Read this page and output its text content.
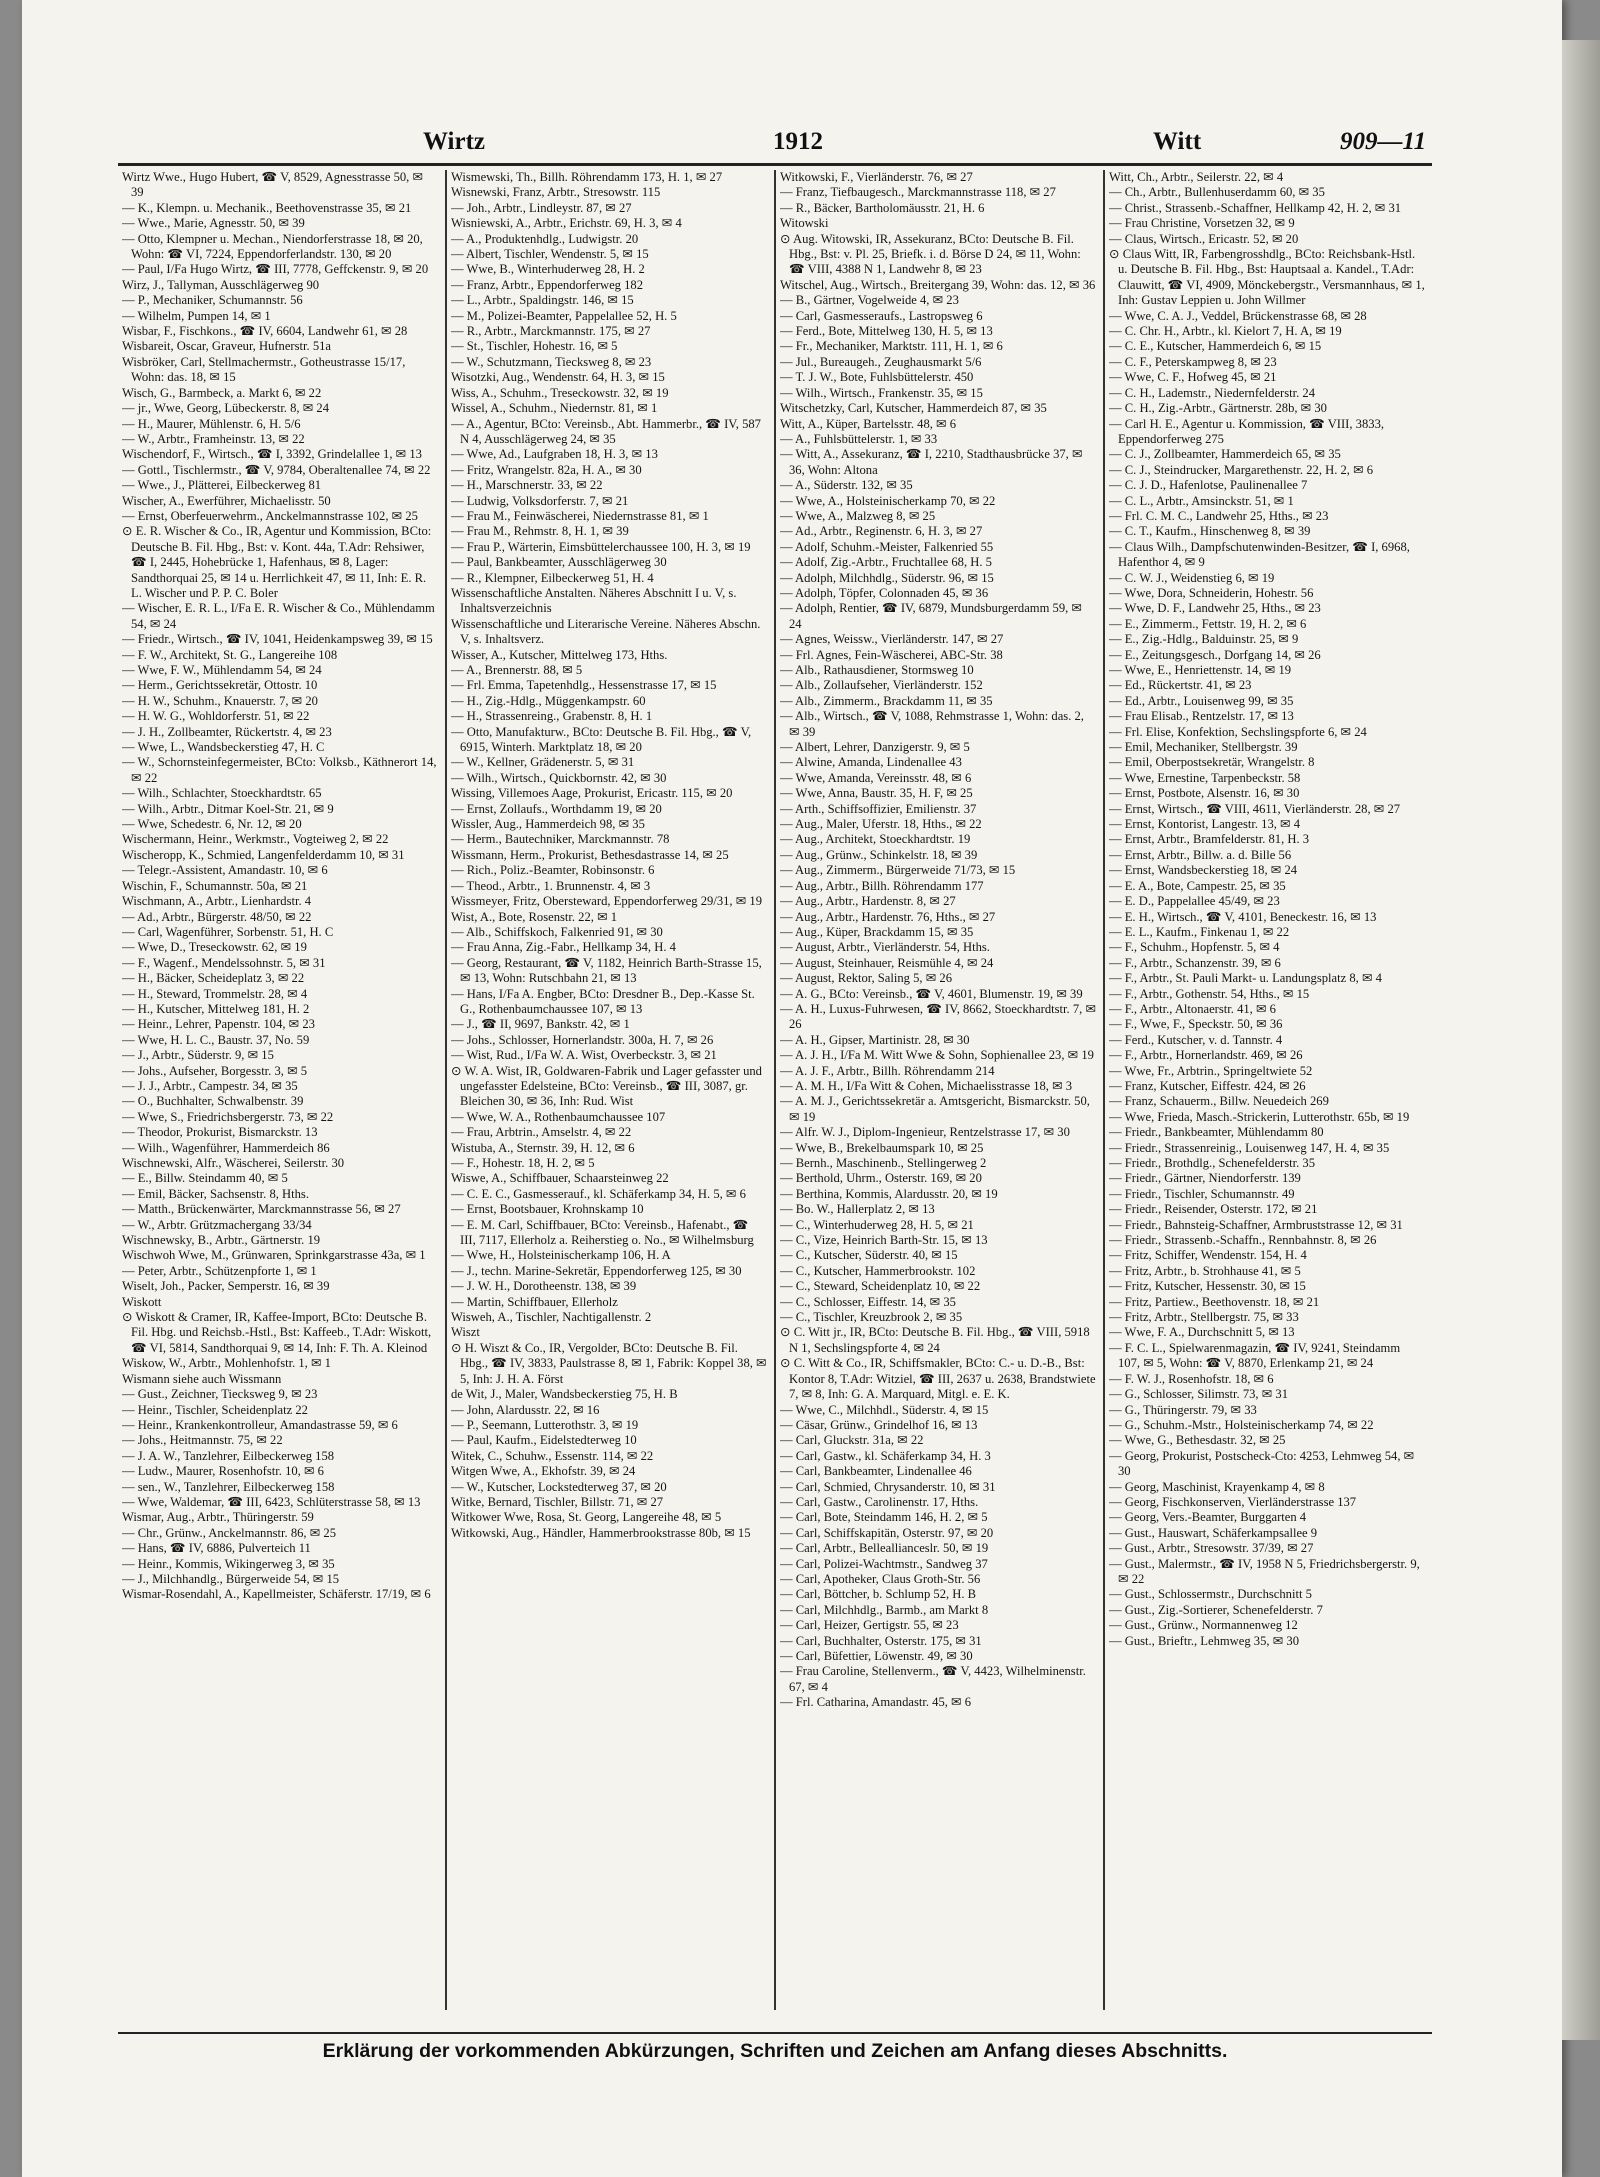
Wirtz	1912	Witt	909—11

Wirtz Wwe., Hugo Hubert, ☎ V, 8529, Agnesstrasse 50, ✉ 39

— K., Klempn. u. Mechanik., Beethovenstrasse 35, ✉ 21

— Wwe., Marie, Agnesstr. 50, ✉ 39

— Otto, Klempner u. Mechan., Niendorferstrasse 18, ✉ 20, Wohn: ☎ VI, 7224, Eppendorferlandstr. 130, ✉ 20

— Paul, I/Fa Hugo Wirtz, ☎ III, 7778, Geffckenstr. 9, ✉ 20

Wirz, J., Tallyman, Ausschlägerweg 90

— P., Mechaniker, Schumannstr. 56

— Wilhelm, Pumpen 14, ✉ 1

Wisbar, F., Fischkons., ☎ IV, 6604, Landwehr 61, ✉ 28

Wisbareit, Oscar, Graveur, Hufnerstr. 51a

Wisbröker, Carl, Stellmachermstr., Gotheustrasse 15/17, Wohn: das. 18, ✉ 15

Wisch, G., Barmbeck, a. Markt 6, ✉ 22

— jr., Wwe, Georg, Lübeckerstr. 8, ✉ 24

— H., Maurer, Mühlenstr. 6, H. 5/6

— W., Arbtr., Framheinstr. 13, ✉ 22

Wischendorf, F., Wirtsch., ☎ I, 3392, Grindelallee 1, ✉ 13

— Gottl., Tischlermstr., ☎ V, 9784, Oberaltenallee 74, ✉ 22

— Wwe., J., Plätterei, Eilbeckerweg 81

Wischer, A., Ewerführer, Michaelisstr. 50

— Ernst, Oberfeuerwehrm., Anckelmannstrasse 102, ✉ 25

⊙ E. R. Wischer & Co., IR, Agentur und Kommission, BCto: Deutsche B. Fil. Hbg., Bst: v. Kont. 44a, T.Adr: Rehsiwer, ☎ I, 2445, Hohebrücke 1, Hafenhaus, ✉ 8, Lager: Sandthorquai 25, ✉ 14 u. Herrlichkeit 47, ✉ 11, Inh: E. R. L. Wischer und P. P. C. Boler

— Wischer, E. R. L., I/Fa E. R. Wischer & Co., Mühlendamm 54, ✉ 24

— Friedr., Wirtsch., ☎ IV, 1041, Heidenkampsweg 39, ✉ 15

— F. W., Architekt, St. G., Langereihe 108

— Wwe, F. W., Mühlendamm 54, ✉ 24

— Herm., Gerichtssekretär, Ottostr. 10

— H. W., Schuhm., Knauerstr. 7, ✉ 20

— H. W. G., Wohldorferstr. 51, ✉ 22

— J. H., Zollbeamter, Rückertstr. 4, ✉ 23

— Wwe, L., Wandsbeckerstieg 47, H. C

— W., Schornsteinfegermeister, BCto: Volksb., Käthnerort 14, ✉ 22

— Wilh., Schlachter, Stoeckhardtstr. 65

— Wilh., Arbtr., Ditmar Koel-Str. 21, ✉ 9

— Wwe, Schedestr. 6, Nr. 12, ✉ 20

Wischermann, Heinr., Werkmstr., Vogteiweg 2, ✉ 22

Wischeropp, K., Schmied, Langenfelderdamm 10, ✉ 31

— Telegr.-Assistent, Amandastr. 10, ✉ 6

Wischin, F., Schumannstr. 50a, ✉ 21

Wischmann, A., Arbtr., Lienhardstr. 4

— Ad., Arbtr., Bürgerstr. 48/50, ✉ 22

— Carl, Wagenführer, Sorbenstr. 51, H. C

— Wwe, D., Treseckowstr. 62, ✉ 19

— F., Wagenf., Mendelssohnstr. 5, ✉ 31

— H., Bäcker, Scheideplatz 3, ✉ 22

— H., Steward, Trommelstr. 28, ✉ 4

— H., Kutscher, Mittelweg 181, H. 2

— Heinr., Lehrer, Papenstr. 104, ✉ 23

— Wwe, H. L. C., Baustr. 37, No. 59

— J., Arbtr., Süderstr. 9, ✉ 15

— Johs., Aufseher, Borgesstr. 3, ✉ 5

— J. J., Arbtr., Campestr. 34, ✉ 35

— O., Buchhalter, Schwalbenstr. 39

— Wwe, S., Friedrichsbergerstr. 73, ✉ 22

— Theodor, Prokurist, Bismarckstr. 13

— Wilh., Wagenführer, Hammerdeich 86

Wischnewski, Alfr., Wäscherei, Seilerstr. 30

— E., Billw. Steindamm 40, ✉ 5

— Emil, Bäcker, Sachsenstr. 8, Hths.

— Matth., Brückenwärter, Marckmannstrasse 56, ✉ 27

— W., Arbtr. Grützmachergang 33/34

Wischnewsky, B., Arbtr., Gärtnerstr. 19

Wischwoh Wwe, M., Grünwaren, Sprinkgarstrasse 43a, ✉ 1

— Peter, Arbtr., Schützenpforte 1, ✉ 1

Wiselt, Joh., Packer, Semperstr. 16, ✉ 39

Wiskott

⊙ Wiskott & Cramer, IR, Kaffee-Import, BCto: Deutsche B. Fil. Hbg. und Reichsb.-Hstl., Bst: Kaffeeb., T.Adr: Wiskott, ☎ VI, 5814, Sandthorquai 9, ✉ 14, Inh: F. Th. A. Kleinod

Wiskow, W., Arbtr., Mohlenhofstr. 1, ✉ 1

Wismann siehe auch Wissmann

— Gust., Zeichner, Tiecksweg 9, ✉ 23

— Heinr., Tischler, Scheidenplatz 22

— Heinr., Krankenkontrolleur, Amandastrasse 59, ✉ 6

— Johs., Heitmannstr. 75, ✉ 22

— J. A. W., Tanzlehrer, Eilbeckerweg 158

— Ludw., Maurer, Rosenhofstr. 10, ✉ 6

— sen., W., Tanzlehrer, Eilbeckerweg 158

— Wwe, Waldemar, ☎ III, 6423, Schlüterstrasse 58, ✉ 13

Wismar, Aug., Arbtr., Thüringerstr. 59

— Chr., Grünw., Anckelmannstr. 86, ✉ 25

— Hans, ☎ IV, 6886, Pulverteich 11

— Heinr., Kommis, Wikingerweg 3, ✉ 35

— J., Milchhandlg., Bürgerweide 54, ✉ 15

Wismar-Rosendahl, A., Kapellmeister, Schäferstr. 17/19, ✉ 6

Wismewski, Th., Billh. Röhrendamm 173, H. 1, ✉ 27

Wisnewski, Franz, Arbtr., Stresowstr. 115

— Joh., Arbtr., Lindleystr. 87, ✉ 27

Wisniewski, A., Arbtr., Erichstr. 69, H. 3, ✉ 4

— A., Produktenhdlg., Ludwigstr. 20

— Albert, Tischler, Wendenstr. 5, ✉ 15

— Wwe, B., Winterhuderweg 28, H. 2

— Franz, Arbtr., Eppendorferweg 182

— L., Arbtr., Spaldingstr. 146, ✉ 15

— M., Polizei-Beamter, Pappelallee 52, H. 5

— R., Arbtr., Marckmannstr. 175, ✉ 27

— St., Tischler, Hohestr. 16, ✉ 5

— W., Schutzmann, Tiecksweg 8, ✉ 23

Wisotzki, Aug., Wendenstr. 64, H. 3, ✉ 15

Wiss, A., Schuhm., Treseckowstr. 32, ✉ 19

Wissel, A., Schuhm., Niedernstr. 81, ✉ 1

— A., Agentur, BCto: Vereinsb., Abt. Hammerbr., ☎ IV, 587 N 4, Ausschlägerweg 24, ✉ 35

— Wwe, Ad., Laufgraben 18, H. 3, ✉ 13

— Fritz, Wrangelstr. 82a, H. A., ✉ 30

— H., Marschnerstr. 33, ✉ 22

— Ludwig, Volksdorferstr. 7, ✉ 21

— Frau M., Feinwäscherei, Niedernstrasse 81, ✉ 1

— Frau M., Rehmstr. 8, H. 1, ✉ 39

— Frau P., Wärterin, Eimsbüttelerchaussee 100, H. 3, ✉ 19

— Paul, Bankbeamter, Ausschlägerweg 30

— R., Klempner, Eilbeckerweg 51, H. 4

Wissenschaftliche Anstalten. Näheres Abschnitt I u. V, s. Inhaltsverzeichnis

Wissenschaftliche und Literarische Vereine. Näheres Abschn. V, s. Inhaltsverz.

Wisser, A., Kutscher, Mittelweg 173, Hths.

— A., Brennerstr. 88, ✉ 5

— Frl. Emma, Tapetenhdlg., Hessenstrasse 17, ✉ 15

— H., Zig.-Hdlg., Müggenkampstr. 60

— H., Strassenreing., Grabenstr. 8, H. 1

— Otto, Manufakturw., BCto: Deutsche B. Fil. Hbg., ☎ V, 6915, Winterh. Marktplatz 18, ✉ 20

— W., Kellner, Grädenerstr. 5, ✉ 31

— Wilh., Wirtsch., Quickbornstr. 42, ✉ 30

Wissing, Villemoes Aage, Prokurist, Ericastr. 115, ✉ 20

— Ernst, Zollaufs., Worthdamm 19, ✉ 20

Wissler, Aug., Hammerdeich 98, ✉ 35

— Herm., Bautechniker, Marckmannstr. 78

Wissmann, Herm., Prokurist, Bethesdastrasse 14, ✉ 25

— Rich., Poliz.-Beamter, Robinsonstr. 6

— Theod., Arbtr., 1. Brunnenstr. 4, ✉ 3

Wissmeyer, Fritz, Obersteward, Eppendorferweg 29/31, ✉ 19

Wist, A., Bote, Rosenstr. 22, ✉ 1

— Alb., Schiffskoch, Falkenried 91, ✉ 30

— Frau Anna, Zig.-Fabr., Hellkamp 34, H. 4

— Georg, Restaurant, ☎ V, 1182, Heinrich Barth-Strasse 15, ✉ 13, Wohn: Rutschbahn 21, ✉ 13

— Hans, I/Fa A. Engber, BCto: Dresdner B., Dep.-Kasse St. G., Rothenbaumchaussee 107, ✉ 13

— J., ☎ II, 9697, Bankstr. 42, ✉ 1

— Johs., Schlosser, Hornerlandstr. 300a, H. 7, ✉ 26

— Wist, Rud., I/Fa W. A. Wist, Overbeckstr. 3, ✉ 21

⊙ W. A. Wist, IR, Goldwaren-Fabrik und Lager gefasster und ungefasster Edelsteine, BCto: Vereinsb., ☎ III, 3087, gr. Bleichen 30, ✉ 36, Inh: Rud. Wist

— Wwe, W. A., Rothenbaumchaussee 107

— Frau, Arbtrin., Amselstr. 4, ✉ 22

Wistuba, A., Sternstr. 39, H. 12, ✉ 6

— F., Hohestr. 18, H. 2, ✉ 5

Wiswe, A., Schiffbauer, Schaarsteinweg 22

— C. E. C., Gasmesserauf., kl. Schäferkamp 34, H. 5, ✉ 6

— Ernst, Bootsbauer, Krohnskamp 10

— E. M. Carl, Schiffbauer, BCto: Vereinsb., Hafenabt., ☎ III, 7117, Ellerholz a. Reiherstieg o. No., ✉ Wilhelmsburg

— Wwe, H., Holsteinischerkamp 106, H. A

— J., techn. Marine-Sekretär, Eppendorferweg 125, ✉ 30

— J. W. H., Dorotheenstr. 138, ✉ 39

— Martin, Schiffbauer, Ellerholz

Wisweh, A., Tischler, Nachtigallenstr. 2

Wiszt

⊙ H. Wiszt & Co., IR, Vergolder, BCto: Deutsche B. Fil. Hbg., ☎ IV, 3833, Paulstrasse 8, ✉ 1, Fabrik: Koppel 38, ✉ 5, Inh: J. H. A. Först

de Wit, J., Maler, Wandsbeckerstieg 75, H. B

— John, Alardusstr. 22, ✉ 16

— P., Seemann, Lutterothstr. 3, ✉ 19

— Paul, Kaufm., Eidelstedterweg 10

Witek, C., Schuhw., Essenstr. 114, ✉ 22

Witgen Wwe, A., Ekhofstr. 39, ✉ 24

— W., Kutscher, Lockstedterweg 37, ✉ 20

Witke, Bernard, Tischler, Billstr. 71, ✉ 27

Witkower Wwe, Rosa, St. Georg, Langereihe 48, ✉ 5

Witkowski, Aug., Händler, Hammerbrookstrasse 80b, ✉ 15

Witkowski, F., Vierländerstr. 76, ✉ 27

— Franz, Tiefbaugesch., Marckmannstrasse 118, ✉ 27

— R., Bäcker, Bartholomäusstr. 21, H. 6

Witowski

⊙ Aug. Witowski, IR, Assekuranz, BCto: Deutsche B. Fil. Hbg., Bst: v. Pl. 25, Briefk. i. d. Börse D 24, ✉ 11, Wohn: ☎ VIII, 4388 N 1, Landwehr 8, ✉ 23

Witschel, Aug., Wirtsch., Breitergang 39, Wohn: das. 12, ✉ 36

— B., Gärtner, Vogelweide 4, ✉ 23

— Carl, Gasmesseraufs., Lastropsweg 6

— Ferd., Bote, Mittelweg 130, H. 5, ✉ 13

— Fr., Mechaniker, Marktstr. 111, H. 1, ✉ 6

— Jul., Bureaugeh., Zeughausmarkt 5/6

— T. J. W., Bote, Fuhlsbüttelerstr. 450

— Wilh., Wirtsch., Frankenstr. 35, ✉ 15

Witschetzky, Carl, Kutscher, Hammerdeich 87, ✉ 35

Witt, A., Küper, Bartelsstr. 48, ✉ 6

— A., Fuhlsbüttelerstr. 1, ✉ 33

— Witt, A., Assekuranz, ☎ I, 2210, Stadthausbrücke 37, ✉ 36, Wohn: Altona

— A., Süderstr. 132, ✉ 35

— Wwe, A., Holsteinischerkamp 70, ✉ 22

— Wwe, A., Malzweg 8, ✉ 25

— Ad., Arbtr., Reginenstr. 6, H. 3, ✉ 27

— Adolf, Schuhm.-Meister, Falkenried 55

— Adolf, Zig.-Arbtr., Fruchtallee 68, H. 5

— Adolph, Milchhdlg., Süderstr. 96, ✉ 15

— Adolph, Töpfer, Colonnaden 45, ✉ 36

— Adolph, Rentier, ☎ IV, 6879, Mundsburgerdamm 59, ✉ 24

— Agnes, Weissw., Vierländerstr. 147, ✉ 27

— Frl. Agnes, Fein-Wäscherei, ABC-Str. 38

— Alb., Rathausdiener, Stormsweg 10

— Alb., Zollaufseher, Vierländerstr. 152

— Alb., Zimmerm., Brackdamm 11, ✉ 35

— Alb., Wirtsch., ☎ V, 1088, Rehmstrasse 1, Wohn: das. 2, ✉ 39

— Albert, Lehrer, Danzigerstr. 9, ✉ 5

— Alwine, Amanda, Lindenallee 43

— Wwe, Amanda, Vereinsstr. 48, ✉ 6

— Wwe, Anna, Baustr. 35, H. F, ✉ 25

— Arth., Schiffsoffizier, Emilienstr. 37

— Aug., Maler, Uferstr. 18, Hths., ✉ 22

— Aug., Architekt, Stoeckhardtstr. 19

— Aug., Grünw., Schinkelstr. 18, ✉ 39

— Aug., Zimmerm., Bürgerweide 71/73, ✉ 15

— Aug., Arbtr., Billh. Röhrendamm 177

— Aug., Arbtr., Hardenstr. 8, ✉ 27

— Aug., Arbtr., Hardenstr. 76, Hths., ✉ 27

— Aug., Küper, Brackdamm 15, ✉ 35

— August, Arbtr., Vierländerstr. 54, Hths.

— August, Steinhauer, Reismühle 4, ✉ 24

— August, Rektor, Saling 5, ✉ 26

— A. G., BCto: Vereinsb., ☎ V, 4601, Blumenstr. 19, ✉ 39

— A. H., Luxus-Fuhrwesen, ☎ IV, 8662, Stoeckhardtstr. 7, ✉ 26

— A. H., Gipser, Martinistr. 28, ✉ 30

— A. J. H., I/Fa M. Witt Wwe & Sohn, Sophienallee 23, ✉ 19

— A. J. F., Arbtr., Billh. Röhrendamm 214

— A. M. H., I/Fa Witt & Cohen, Michaelisstrasse 18, ✉ 3

— A. M. J., Gerichtssekretär a. Amtsgericht, Bismarckstr. 50, ✉ 19

— Alfr. W. J., Diplom-Ingenieur, Rentzelstrasse 17, ✉ 30

— Wwe, B., Brekelbaumspark 10, ✉ 25

— Bernh., Maschinenb., Stellingerweg 2

— Berthold, Uhrm., Osterstr. 169, ✉ 20

— Berthina, Kommis, Alardusstr. 20, ✉ 19

— Bo. W., Hallerplatz 2, ✉ 13

— C., Winterhuderweg 28, H. 5, ✉ 21

— C., Vize, Heinrich Barth-Str. 15, ✉ 13

— C., Kutscher, Süderstr. 40, ✉ 15

— C., Kutscher, Hammerbrookstr. 102

— C., Steward, Scheidenplatz 10, ✉ 22

— C., Schlosser, Eiffestr. 14, ✉ 35

— C., Tischler, Kreuzbrook 2, ✉ 35

⊙ C. Witt jr., IR, BCto: Deutsche B. Fil. Hbg., ☎ VIII, 5918 N 1, Sechslingspforte 4, ✉ 24

⊙ C. Witt & Co., IR, Schiffsmakler, BCto: C.- u. D.-B., Bst: Kontor 8, T.Adr: Witziel, ☎ III, 2637 u. 2638, Brandstwiete 7, ✉ 8, Inh: G. A. Marquard, Mitgl. e. E. K.

— Wwe, C., Milchhdl., Süderstr. 4, ✉ 15

— Cäsar, Grünw., Grindelhof 16, ✉ 13

— Carl, Gluckstr. 31a, ✉ 22

— Carl, Gastw., kl. Schäferkamp 34, H. 3

— Carl, Bankbeamter, Lindenallee 46

— Carl, Schmied, Chrysanderstr. 10, ✉ 31

— Carl, Gastw., Carolinenstr. 17, Hths.

— Carl, Bote, Steindamm 146, H. 2, ✉ 5

— Carl, Schiffskapitän, Osterstr. 97, ✉ 20

— Carl, Arbtr., Belleallianceslr. 50, ✉ 19

— Carl, Polizei-Wachtmstr., Sandweg 37

— Carl, Apotheker, Claus Groth-Str. 56

— Carl, Böttcher, b. Schlump 52, H. B

— Carl, Milchhdlg., Barmb., am Markt 8

— Carl, Heizer, Gertigstr. 55, ✉ 23

— Carl, Buchhalter, Osterstr. 175, ✉ 31

— Carl, Büfettier, Löwenstr. 49, ✉ 30

— Frau Caroline, Stellenverm., ☎ V, 4423, Wilhelminenstr. 67, ✉ 4

— Frl. Catharina, Amandastr. 45, ✉ 6

Witt, Ch., Arbtr., Seilerstr. 22, ✉ 4

— Ch., Arbtr., Bullenhuserdamm 60, ✉ 35

— Christ., Strassenb.-Schaffner, Hellkamp 42, H. 2, ✉ 31

— Frau Christine, Vorsetzen 32, ✉ 9

— Claus, Wirtsch., Ericastr. 52, ✉ 20

⊙ Claus Witt, IR, Farbengrosshdlg., BCto: Reichsbank-Hstl. u. Deutsche B. Fil. Hbg., Bst: Hauptsaal a. Kandel., T.Adr: Clauwitt, ☎ VI, 4909, Mönckebergstr., Versmannhaus, ✉ 1, Inh: Gustav Leppien u. John Willmer

— Wwe, C. A. J., Veddel, Brückenstrasse 68, ✉ 28

— C. Chr. H., Arbtr., kl. Kielort 7, H. A, ✉ 19

— C. E., Kutscher, Hammerdeich 6, ✉ 15

— C. F., Peterskampweg 8, ✉ 23

— Wwe, C. F., Hofweg 45, ✉ 21

— C. H., Lademstr., Niedernfelderstr. 24

— C. H., Zig.-Arbtr., Gärtnerstr. 28b, ✉ 30

— Carl H. E., Agentur u. Kommission, ☎ VIII, 3833, Eppendorferweg 275

— C. J., Zollbeamter, Hammerdeich 65, ✉ 35

— C. J., Steindrucker, Margarethenstr. 22, H. 2, ✉ 6

— C. J. D., Hafenlotse, Paulinenallee 7

— C. L., Arbtr., Amsinckstr. 51, ✉ 1

— Frl. C. M. C., Landwehr 25, Hths., ✉ 23

— C. T., Kaufm., Hinschenweg 8, ✉ 39

— Claus Wilh., Dampfschutenwinden-Besitzer, ☎ I, 6968, Hafenthor 4, ✉ 9

— C. W. J., Weidenstieg 6, ✉ 19

— Wwe, Dora, Schneiderin, Hohestr. 56

— Wwe, D. F., Landwehr 25, Hths., ✉ 23

— E., Zimmerm., Fettstr. 19, H. 2, ✉ 6

— E., Zig.-Hdlg., Balduinstr. 25, ✉ 9

— E., Zeitungsgesch., Dorfgang 14, ✉ 26

— Wwe, E., Henriettenstr. 14, ✉ 19

— Ed., Rückertstr. 41, ✉ 23

— Ed., Arbtr., Louisenweg 99, ✉ 35

— Frau Elisab., Rentzelstr. 17, ✉ 13

— Frl. Elise, Konfektion, Sechslingspforte 6, ✉ 24

— Emil, Mechaniker, Stellbergstr. 39

— Emil, Oberpostsekretär, Wrangelstr. 8

— Wwe, Ernestine, Tarpenbeckstr. 58

— Ernst, Postbote, Alsenstr. 16, ✉ 30

— Ernst, Wirtsch., ☎ VIII, 4611, Vierländerstr. 28, ✉ 27

— Ernst, Kontorist, Langestr. 13, ✉ 4

— Ernst, Arbtr., Bramfelderstr. 81, H. 3

— Ernst, Arbtr., Billw. a. d. Bille 56

— Ernst, Wandsbeckerstieg 18, ✉ 24

— E. A., Bote, Campestr. 25, ✉ 35

— E. D., Pappelallee 45/49, ✉ 23

— E. H., Wirtsch., ☎ V, 4101, Beneckestr. 16, ✉ 13

— E. L., Kaufm., Finkenau 1, ✉ 22

— F., Schuhm., Hopfenstr. 5, ✉ 4

— F., Arbtr., Schanzenstr. 39, ✉ 6

— F., Arbtr., St. Pauli Markt- u. Landungsplatz 8, ✉ 4

— F., Arbtr., Gothenstr. 54, Hths., ✉ 15

— F., Arbtr., Altonaerstr. 41, ✉ 6

— F., Wwe, F., Speckstr. 50, ✉ 36

— Ferd., Kutscher, v. d. Tannstr. 4

— F., Arbtr., Hornerlandstr. 469, ✉ 26

— Wwe, Fr., Arbtrin., Springeltwiete 52

— Franz, Kutscher, Eiffestr. 424, ✉ 26

— Franz, Schauerm., Billw. Neuedeich 269

— Wwe, Frieda, Masch.-Strickerin, Lutterothstr. 65b, ✉ 19

— Friedr., Bankbeamter, Mühlendamm 80

— Friedr., Strassenreinig., Louisenweg 147, H. 4, ✉ 35

— Friedr., Brothdlg., Schenefelderstr. 35

— Friedr., Gärtner, Niendorferstr. 139

— Friedr., Tischler, Schumannstr. 49

— Friedr., Reisender, Osterstr. 172, ✉ 21

— Friedr., Bahnsteig-Schaffner, Armbruststrasse 12, ✉ 31

— Friedr., Strassenb.-Schaffn., Rennbahnstr. 8, ✉ 26

— Fritz, Schiffer, Wendenstr. 154, H. 4

— Fritz, Arbtr., b. Strohhause 41, ✉ 5

— Fritz, Kutscher, Hessenstr. 30, ✉ 15

— Fritz, Partiew., Beethovenstr. 18, ✉ 21

— Fritz, Arbtr., Stellbergstr. 75, ✉ 33

— Wwe, F. A., Durchschnitt 5, ✉ 13

— F. C. L., Spielwarenmagazin, ☎ IV, 9241, Steindamm 107, ✉ 5, Wohn: ☎ V, 8870, Erlenkamp 21, ✉ 24

— F. W. J., Rosenhofstr. 18, ✉ 6

— G., Schlosser, Silimstr. 73, ✉ 31

— G., Thüringerstr. 79, ✉ 33

— G., Schuhm.-Mstr., Holsteinischerkamp 74, ✉ 22

— Wwe, G., Bethesdastr. 32, ✉ 25

— Georg, Prokurist, Postscheck-Cto: 4253, Lehmweg 54, ✉ 30

— Georg, Maschinist, Krayenkamp 4, ✉ 8

— Georg, Fischkonserven, Vierländerstrasse 137

— Georg, Vers.-Beamter, Burggarten 4

— Gust., Hauswart, Schäferkampsallee 9

— Gust., Arbtr., Stresowstr. 37/39, ✉ 27

— Gust., Malermstr., ☎ IV, 1958 N 5, Friedrichsbergerstr. 9, ✉ 22

— Gust., Schlossermstr., Durchschnitt 5

— Gust., Zig.-Sortierer, Schenefelderstr. 7

— Gust., Grünw., Normannenweg 12

— Gust., Brieftr., Lehmweg 35, ✉ 30

Erklärung der vorkommenden Abkürzungen, Schriften und Zeichen am Anfang dieses Abschnitts.
